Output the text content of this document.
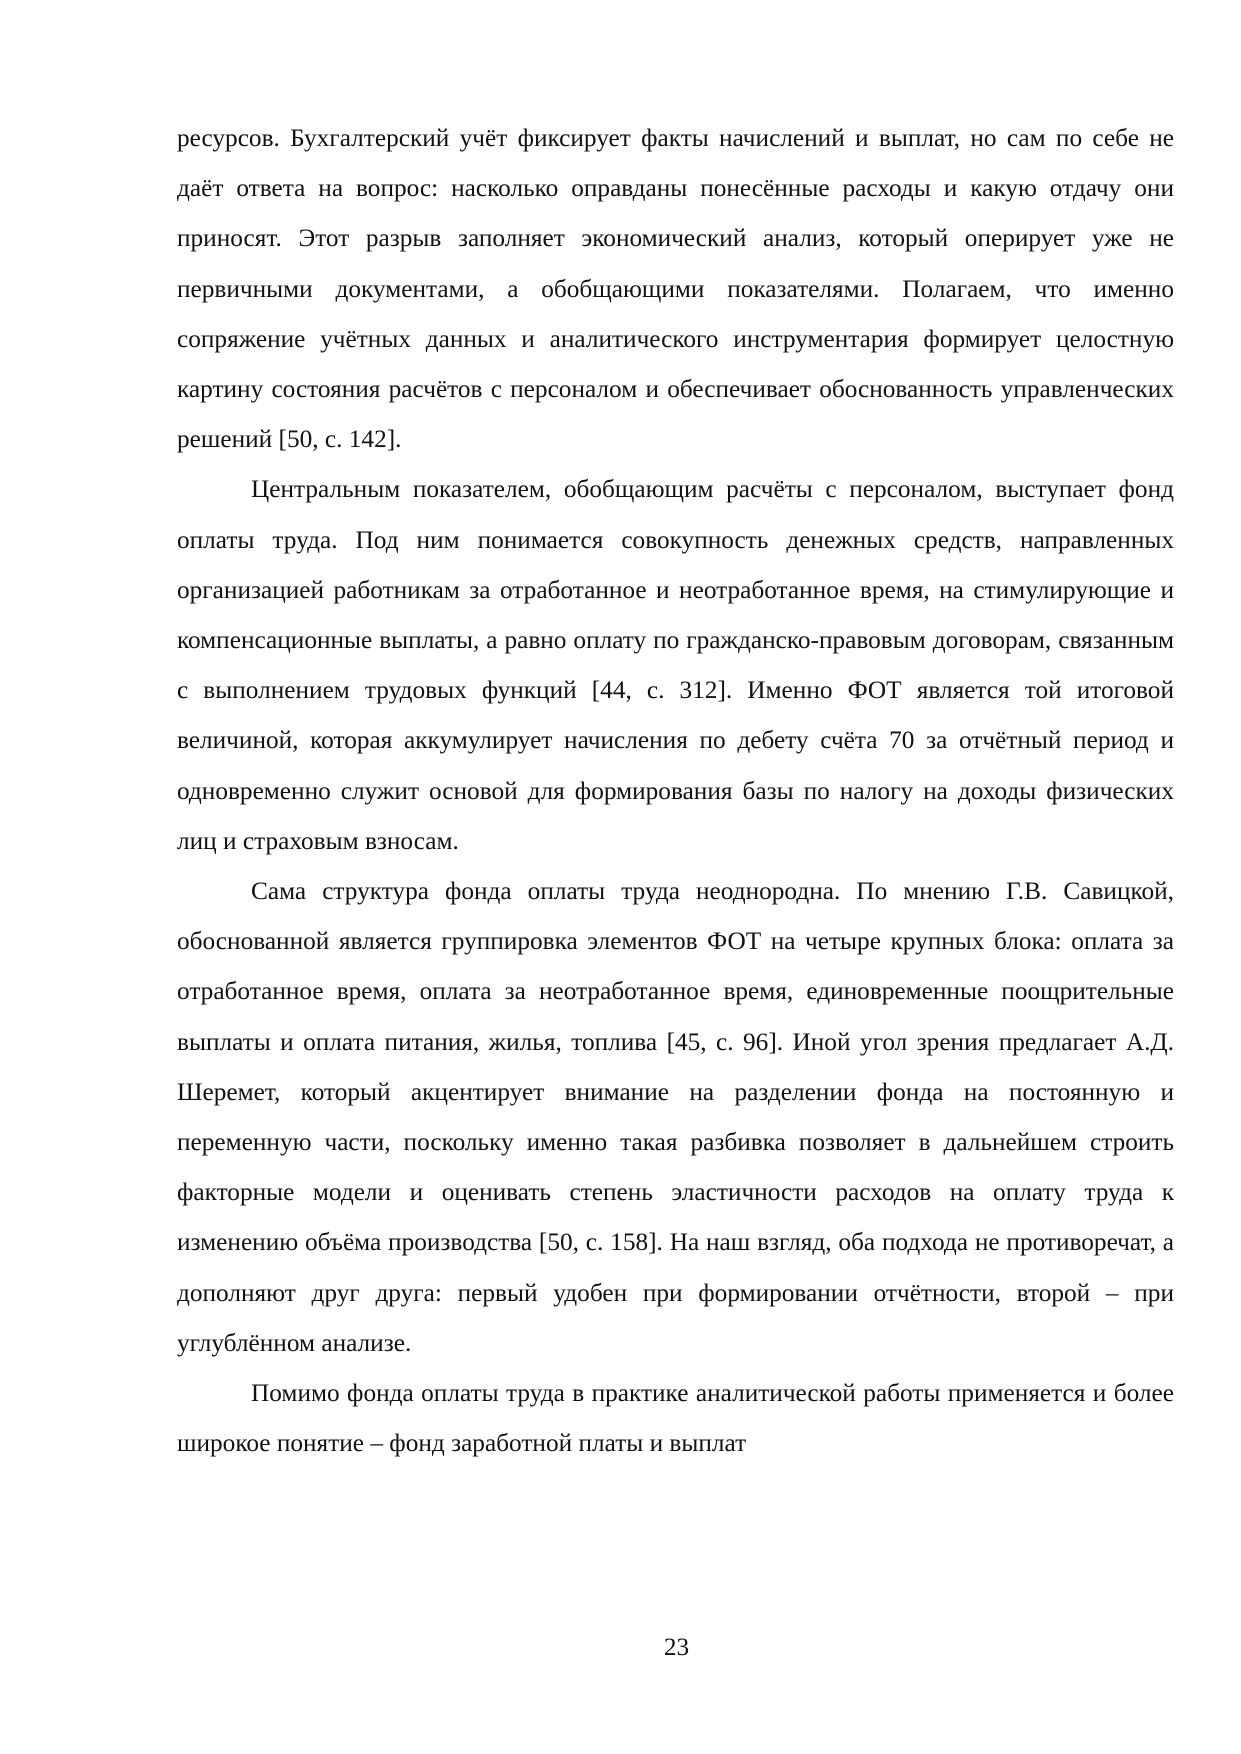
ресурсов. Бухгалтерский учёт фиксирует факты начислений и выплат, но сам по себе не даёт ответа на вопрос: насколько оправданы понесённые расходы и какую отдачу они приносят. Этот разрыв заполняет экономический анализ, который оперирует уже не первичными документами, а обобщающими показателями. Полагаем, что именно сопряжение учётных данных и аналитического инструментария формирует целостную картину состояния расчётов с персоналом и обеспечивает обоснованность управленческих решений [50, с. 142].

Центральным показателем, обобщающим расчёты с персоналом, выступает фонд оплаты труда. Под ним понимается совокупность денежных средств, направленных организацией работникам за отработанное и неотработанное время, на стимулирующие и компенсационные выплаты, а равно оплату по гражданско-правовым договорам, связанным с выполнением трудовых функций [44, с. 312]. Именно ФОТ является той итоговой величиной, которая аккумулирует начисления по дебету счёта 70 за отчётный период и одновременно служит основой для формирования базы по налогу на доходы физических лиц и страховым взносам.

Сама структура фонда оплаты труда неоднородна. По мнению Г.В. Савицкой, обоснованной является группировка элементов ФОТ на четыре крупных блока: оплата за отработанное время, оплата за неотработанное время, единовременные поощрительные выплаты и оплата питания, жилья, топлива [45, с. 96]. Иной угол зрения предлагает А.Д. Шеремет, который акцентирует внимание на разделении фонда на постоянную и переменную части, поскольку именно такая разбивка позволяет в дальнейшем строить факторные модели и оценивать степень эластичности расходов на оплату труда к изменению объёма производства [50, с. 158]. На наш взгляд, оба подхода не противоречат, а дополняют друг друга: первый удобен при формировании отчётности, второй – при углублённом анализе.

Помимо фонда оплаты труда в практике аналитической работы применяется и более широкое понятие – фонд заработной платы и выплат

23
